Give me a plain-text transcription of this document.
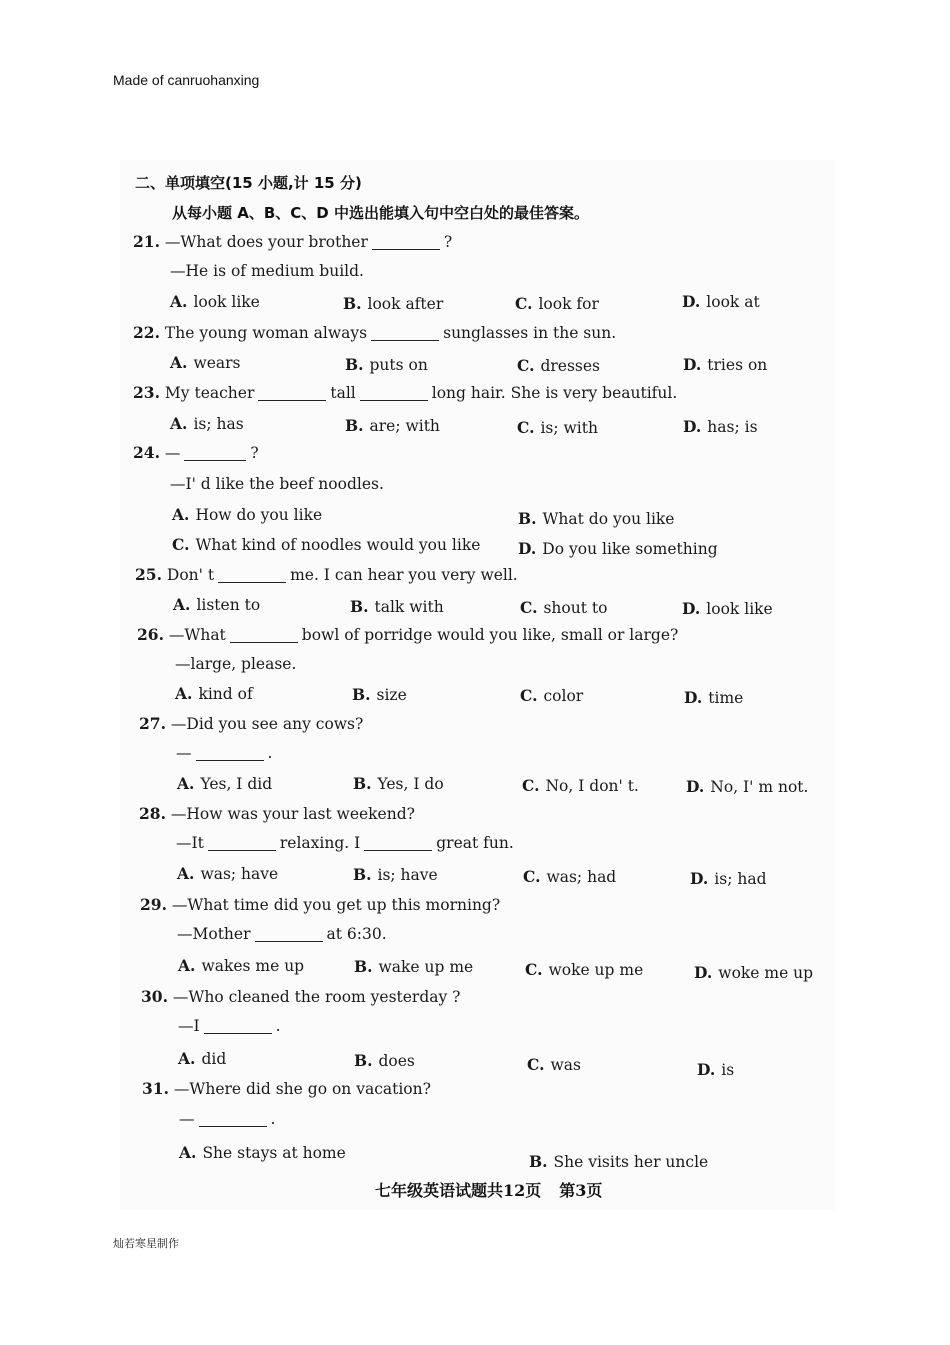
Made of canruohanxing
二、单项填空(15 小题,计 15 分)
从每小题 A、B、C、D 中选出能填入句中空白处的最佳答案。
21. —What does your brother	?
—He is of medium build.
A. look like	B. look after	C. look for	D. look at
22. The young woman always	sunglasses in the sun.
A. wears	B. puts on	C. dresses	D. tries on
23. My teacher	tall	long hair. She is very beautiful.
A. is; has	B. are; with	C. is; with	D. has; is
24. —	?
—I' d like the beef noodles.
A. How do you like	B. What do you like
C. What kind of noodles would you like D. Do you like something
25. Don' t	me. I can hear you very well.
A. listen to	B. talk with	C. shout to	D. look like
26. —What	bowl of porridge would you like, small or large?
—large, please.
A. kind of	B. size	C. color	D. time
27. —Did you see any cows?
—	.
A. Yes, I did	B. Yes, I do	C. No, I don' t.	D. No, I' m not.
28. —How was your last weekend?
—It	relaxing. I	great fun.
A. was; have	B. is; have	C. was; had	D. is; had
29. —What time did you get up this morning?
—Mother	at 6:30.
A. wakes me up	B. wake up me	C. woke up me	D. woke me up
30. —Who cleaned the room yesterday ?
—I	.
A. did	B. does	C. was	D. is
31. —Where did she go on vacation?
—	.
A. She stays at home	B. She visits her uncle
七年级英语试题共12页 第3页
灿若寒星制作
